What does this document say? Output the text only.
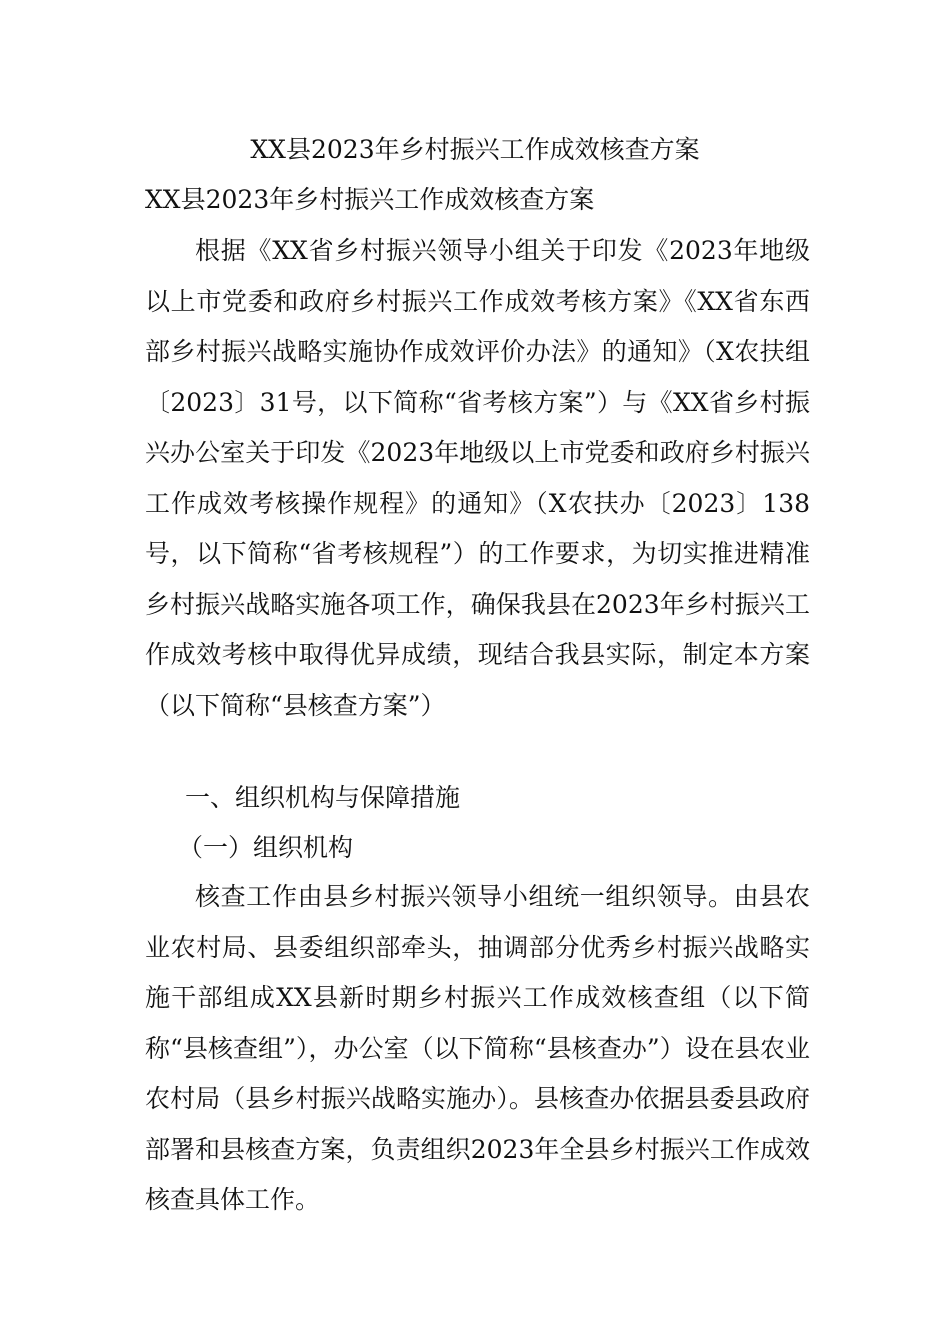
XX县2023年乡村振兴工作成效核查方案
XX县2023年乡村振兴工作成效核查方案

根据《XX省乡村振兴领导小组关于印发《2023年地级以上市党委和政府乡村振兴工作成效考核方案》《XX省东西部乡村振兴战略实施协作成效评价办法》的通知》（X农扶组〔2023〕31号，以下简称“省考核方案”）与《XX省乡村振兴办公室关于印发《2023年地级以上市党委和政府乡村振兴工作成效考核操作规程》的通知》（X农扶办〔2023〕138号，以下简称“省考核规程”）的工作要求，为切实推进精准乡村振兴战略实施各项工作，确保我县在2023年乡村振兴工作成效考核中取得优异成绩，现结合我县实际，制定本方案（以下简称“县核查方案”）

一、组织机构与保障措施
（一）组织机构

核查工作由县乡村振兴领导小组统一组织领导。由县农业农村局、县委组织部牵头，抽调部分优秀乡村振兴战略实施干部组成XX县新时期乡村振兴工作成效核查组（以下简称“县核查组”），办公室（以下简称“县核查办”）设在县农业农村局（县乡村振兴战略实施办）。县核查办依据县委县政府部署和县核查方案，负责组织2023年全县乡村振兴工作成效核查具体工作。
